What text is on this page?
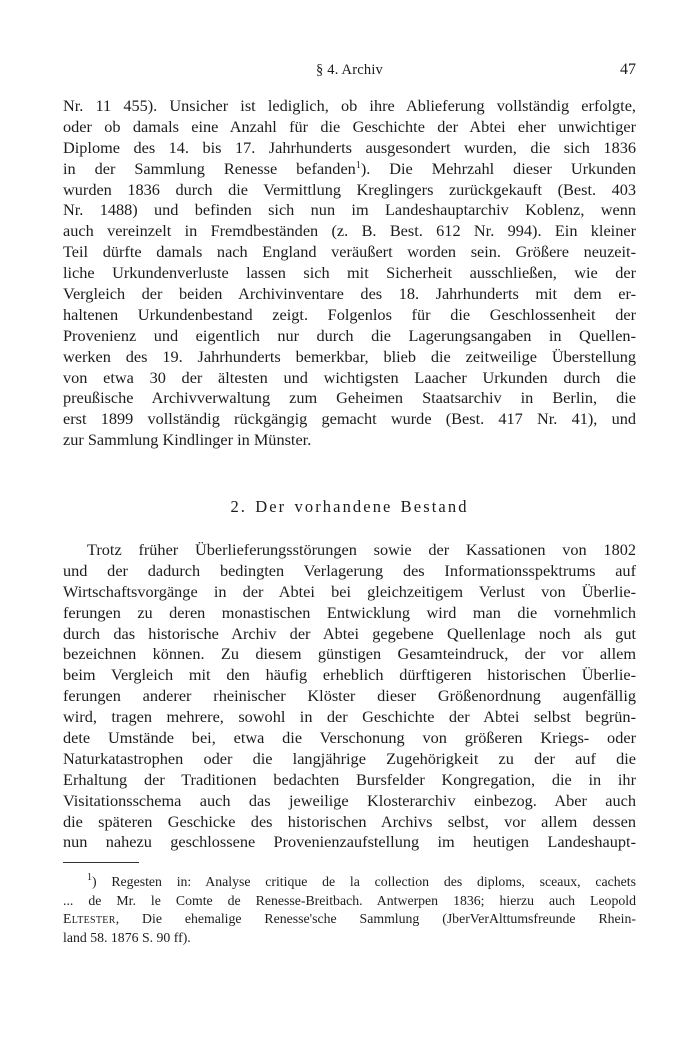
§ 4. Archiv	47
Nr. 11 455). Unsicher ist lediglich, ob ihre Ablieferung vollständig erfolgte,
oder ob damals eine Anzahl für die Geschichte der Abtei eher unwichtiger
Diplome des 14. bis 17. Jahrhunderts ausgesondert wurden, die sich 1836
in der Sammlung Renesse befanden$^1$). Die Mehrzahl dieser Urkunden
wurden 1836 durch die Vermittlung Kreglingers zurückgekauft (Best. 403
Nr. 1488) und befinden sich nun im Landeshauptarchiv Koblenz, wenn
auch vereinzelt in Fremdbeständen (z. B. Best. 612 Nr. 994). Ein kleiner
Teil dürfte damals nach England veräußert worden sein. Größere neuzeit-
liche Urkundenverluste lassen sich mit Sicherheit ausschließen, wie der
Vergleich der beiden Archivinventare des 18. Jahrhunderts mit dem er-
haltenen Urkundenbestand zeigt. Folgenlos für die Geschlossenheit der
Provenienz und eigentlich nur durch die Lagerungsangaben in Quellen-
werken des 19. Jahrhunderts bemerkbar, blieb die zeitweilige Überstellung
von etwa 30 der ältesten und wichtigsten Laacher Urkunden durch die
preußische Archivverwaltung zum Geheimen Staatsarchiv in Berlin, die
erst 1899 vollständig rückgängig gemacht wurde (Best. 417 Nr. 41), und
zur Sammlung Kindlinger in Münster.
2. Der vorhandene Bestand
Trotz früher Überlieferungsstörungen sowie der Kassationen von 1802
und der dadurch bedingten Verlagerung des Informationsspektrums auf
Wirtschaftsvorgänge in der Abtei bei gleichzeitigem Verlust von Überlie-
ferungen zu deren monastischen Entwicklung wird man die vornehmlich
durch das historische Archiv der Abtei gegebene Quellenlage noch als gut
bezeichnen können. Zu diesem günstigen Gesamteindruck, der vor allem
beim Vergleich mit den häufig erheblich dürftigeren historischen Überlie-
ferungen anderer rheinischer Klöster dieser Größenordnung augenfällig
wird, tragen mehrere, sowohl in der Geschichte der Abtei selbst begrün-
dete Umstände bei, etwa die Verschonung von größeren Kriegs- oder
Naturkatastrophen oder die langjährige Zugehörigkeit zu der auf die
Erhaltung der Traditionen bedachten Bursfelder Kongregation, die in ihr
Visitationsschema auch das jeweilige Klosterarchiv einbezog. Aber auch
die späteren Geschicke des historischen Archivs selbst, vor allem dessen
nun nahezu geschlossene Provenienzaufstellung im heutigen Landeshaupt-
$^1$) Regesten in: Analyse critique de la collection des diploms, sceaux, cachets
... de Mr. le Comte de Renesse-Breitbach. Antwerpen 1836; hierzu auch Leopold
Eltester, Die ehemalige Renesse'sche Sammlung (JberVerAlttumsfreunde Rhein-
land 58. 1876 S. 90 ff).
